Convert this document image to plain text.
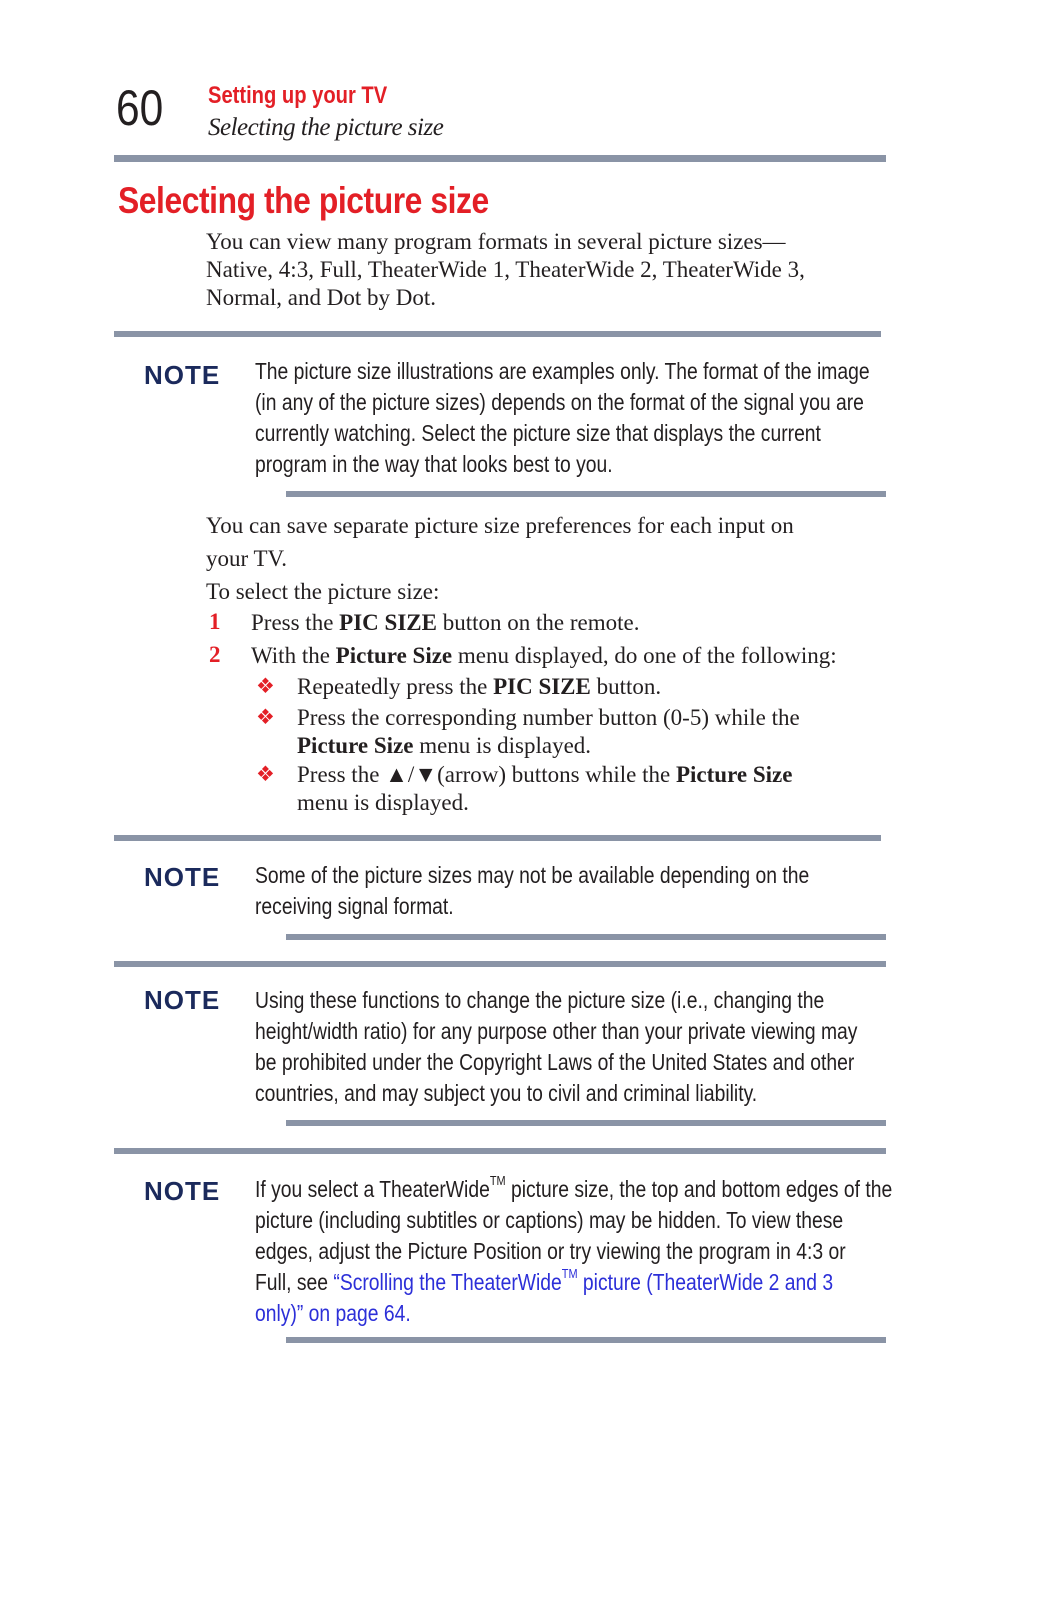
60 Setting up your TV
Selecting the picture size
Selecting the picture size
You can view many program formats in several picture sizes—
Native, 4:3, Full, TheaterWide 1, TheaterWide 2, TheaterWide 3,
Normal, and Dot by Dot.
NOTE The picture size illustrations are examples only. The format of the image
(in any of the picture sizes) depends on the format of the signal you are
currently watching. Select the picture size that displays the current
program in the way that looks best to you.
You can save separate picture size preferences for each input on
your TV.
To select the picture size:
1 Press the PIC SIZE button on the remote.
2 With the Picture Size menu displayed, do one of the following:
❖ Repeatedly press the PIC SIZE button.
❖ Press the corresponding number button (0-5) while the
Picture Size menu is displayed.
❖ Press the ▲/▼(arrow) buttons while the Picture Size
menu is displayed.
NOTE Some of the picture sizes may not be available depending on the
receiving signal format.
NOTE Using these functions to change the picture size (i.e., changing the
height/width ratio) for any purpose other than your private viewing may
be prohibited under the Copyright Laws of the United States and other
countries, and may subject you to civil and criminal liability.
NOTE If you select a TheaterWide™ picture size, the top and bottom edges of the
picture (including subtitles or captions) may be hidden. To view these
edges, adjust the Picture Position or try viewing the program in 4:3 or
Full, see “Scrolling the TheaterWide™ picture (TheaterWide 2 and 3
only)” on page 64.
